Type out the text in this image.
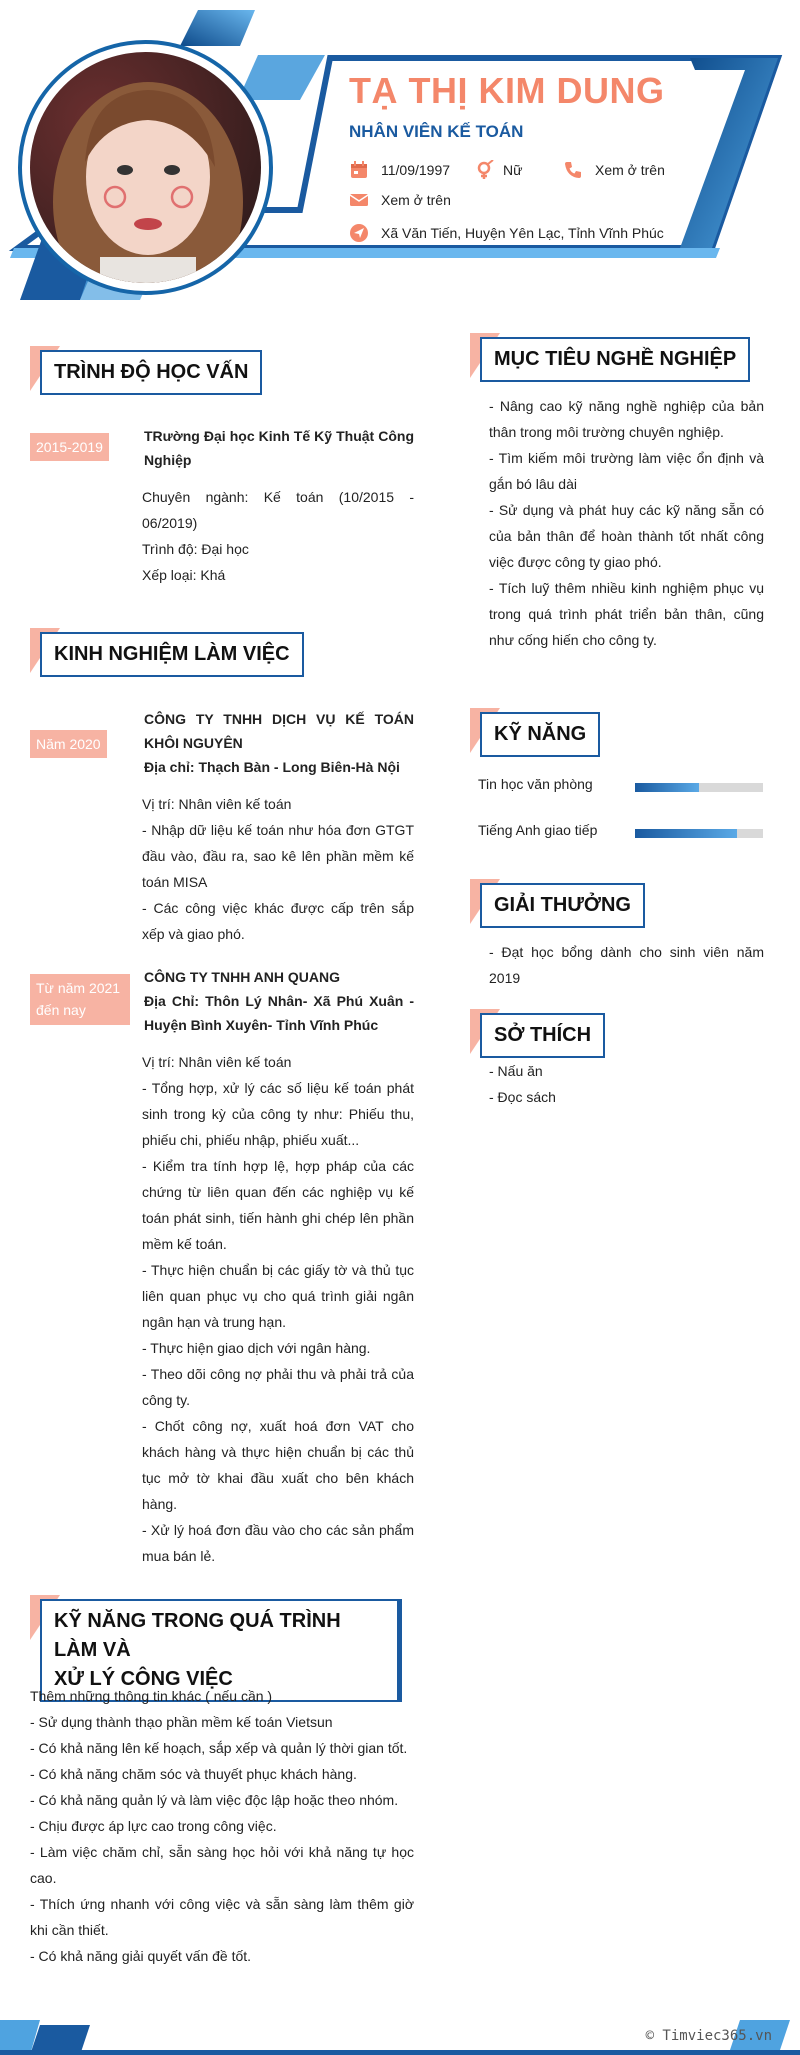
TẠ THỊ KIM DUNG
NHÂN VIÊN KẾ TOÁN
11/09/1997	Nữ	Xem ở trên
Xem ở trên
Xã Văn Tiến, Huyện Yên Lạc, Tỉnh Vĩnh Phúc
TRÌNH ĐỘ HỌC VẤN
2015-2019
TRường Đại học Kinh Tế Kỹ Thuật Công Nghiệp

Chuyên ngành: Kế toán (10/2015 - 06/2019)

Trình độ: Đại học

Xếp loại: Khá

KINH NGHIỆM LÀM VIỆC
Năm 2020

CÔNG TY TNHH DỊCH VỤ KẾ TOÁN KHÔI NGUYÊN

Địa chỉ: Thạch Bàn - Long Biên-Hà Nội

Vị trí: Nhân viên kế toán

- Nhập dữ liệu kế toán như hóa đơn GTGT đầu vào, đầu ra, sao kê lên phần mềm kế toán MISA

- Các công việc khác được cấp trên sắp xếp và giao phó.

Từ năm 2021 đến nay

CÔNG TY TNHH ANH QUANG

Địa Chỉ: Thôn Lý Nhân- Xã Phú Xuân - Huyện Bình Xuyên- Tỉnh Vĩnh Phúc

Vị trí: Nhân viên kế toán

- Tổng hợp, xử lý các số liệu kế toán phát sinh trong kỳ của công ty như: Phiếu thu, phiếu chi, phiếu nhập, phiếu xuất...

- Kiểm tra tính hợp lệ, hợp pháp của các chứng từ liên quan đến các nghiệp vụ kế toán phát sinh, tiến hành ghi chép lên phần mềm kế toán.

- Thực hiện chuẩn bị các giấy tờ và thủ tục liên quan phục vụ cho quá trình giải ngân ngân hạn và trung hạn.

- Thực hiện giao dịch với ngân hàng.

- Theo dõi công nợ phải thu và phải trả của công ty.

- Chốt công nợ, xuất hoá đơn VAT cho khách hàng và thực hiện chuẩn bị các thủ tục mở tờ khai đầu xuất cho bên khách hàng.

- Xử lý hoá đơn đầu vào cho các sản phẩm mua bán lẻ.

KỸ NĂNG TRONG QUÁ TRÌNH LÀM VÀ
XỬ LÝ CÔNG VIỆC

Thêm những thông tin khác ( nếu cần )

- Sử dụng thành thạo phần mềm kế toán Vietsun

- Có khả năng lên kế hoạch, sắp xếp và quản lý thời gian tốt.

- Có khả năng chăm sóc và thuyết phục khách hàng.

- Có khả năng quản lý và làm việc độc lập hoặc theo nhóm.

- Chịu được áp lực cao trong công việc.

- Làm việc chăm chỉ, sẵn sàng học hỏi với khả năng tự học cao.

- Thích ứng nhanh với công việc và sẵn sàng làm thêm giờ khi cần thiết.

- Có khả năng giải quyết vấn đề tốt.

MỤC TIÊU NGHỀ NGHIỆP

- Nâng cao kỹ năng nghề nghiệp của bản thân trong môi trường chuyên nghiệp.

- Tìm kiếm môi trường làm việc ổn định và gắn bó lâu dài

- Sử dụng và phát huy các kỹ năng sẵn có của bản thân để hoàn thành tốt nhất công việc được công ty giao phó.

- Tích luỹ thêm nhiều kinh nghiệm phục vụ trong quá trình phát triển bản thân, cũng như cống hiến cho công ty.

KỸ NĂNG
Tin học văn phòng
Tiếng Anh giao tiếp
GIẢI THƯỞNG

- Đạt học bổng dành cho sinh viên năm 2019

SỞ THÍCH

- Nấu ăn

- Đọc sách

© Timviec365.vn
